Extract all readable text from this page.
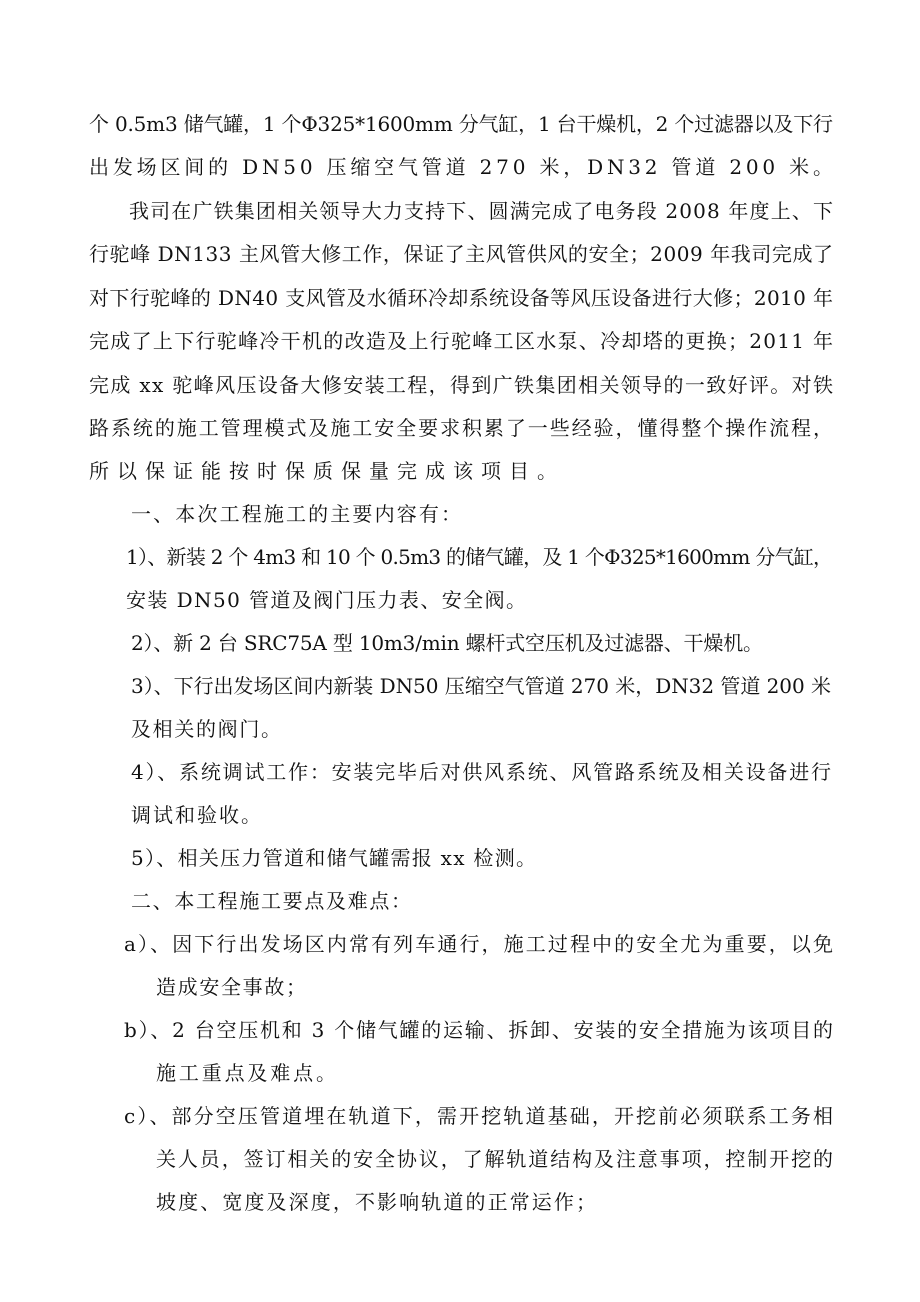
个 0.5m3 储气罐，1 个Φ325*1600mm 分气缸，1 台干燥机，2 个过滤器以及下行

出发场区间的 DN50 压缩空气管道 270 米，DN32 管道 200 米。

我司在广铁集团相关领导大力支持下、圆满完成了电务段 2008 年度上、下

行驼峰 DN133 主风管大修工作，保证了主风管供风的安全；2009 年我司完成了

对下行驼峰的 DN40 支风管及水循环冷却系统设备等风压设备进行大修；2010 年

完成了上下行驼峰冷干机的改造及上行驼峰工区水泵、冷却塔的更换；2011 年

完成 xx 驼峰风压设备大修安装工程，得到广铁集团相关领导的一致好评。对铁

路系统的施工管理模式及施工安全要求积累了一些经验，懂得整个操作流程，

所以保证能按时保质保量完成该项目。

一、本次工程施工的主要内容有：

1）、新装 2 个 4m3 和 10 个 0.5m3 的储气罐，及 1 个Φ325*1600mm 分气缸，

安装 DN50 管道及阀门压力表、安全阀。

2）、新 2 台 SRC75A 型 10m3/min 螺杆式空压机及过滤器、干燥机。

3）、下行出发场区间内新装 DN50 压缩空气管道 270 米，DN32 管道 200 米

及相关的阀门。

4）、系统调试工作：安装完毕后对供风系统、风管路系统及相关设备进行

调试和验收。

5）、相关压力管道和储气罐需报 xx 检测。

二、本工程施工要点及难点：

a）、因下行出发场区内常有列车通行，施工过程中的安全尤为重要，以免

造成安全事故；

b）、2 台空压机和 3 个储气罐的运输、拆卸、安装的安全措施为该项目的

施工重点及难点。

c）、部分空压管道埋在轨道下，需开挖轨道基础，开挖前必须联系工务相

关人员，签订相关的安全协议，了解轨道结构及注意事项，控制开挖的

坡度、宽度及深度，不影响轨道的正常运作；
